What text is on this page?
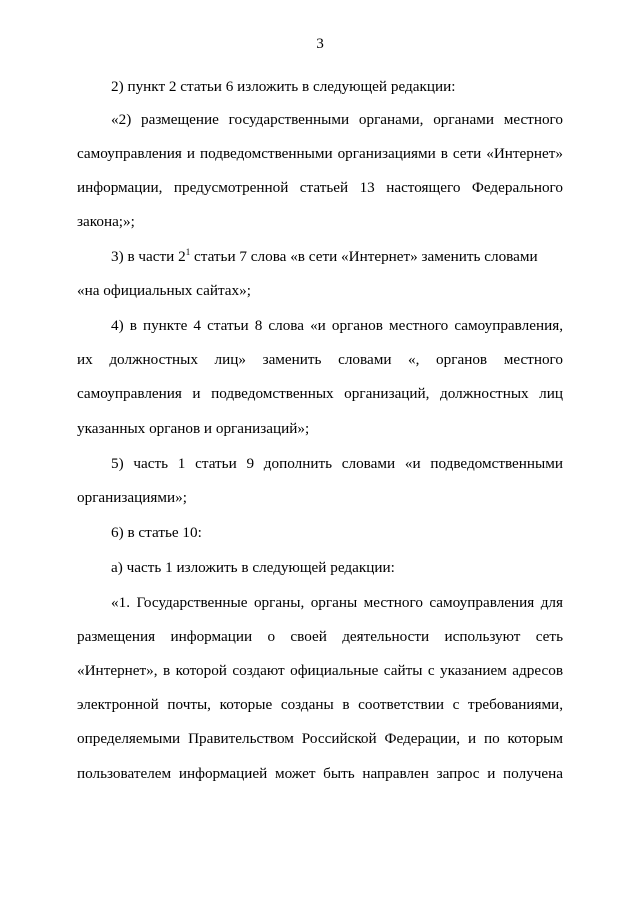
3
2) пункт 2 статьи 6 изложить в следующей редакции:
«2) размещение государственными органами, органами местного
самоуправления и подведомственными организациями в сети «Интернет»
информации, предусмотренной статьей 13 настоящего Федерального
закона;»;
3) в части $2^1$ статьи 7 слова «в сети «Интернет» заменить словами
«на официальных сайтах»;
4) в пункте 4 статьи 8 слова «и органов местного самоуправления,
их должностных лиц» заменить словами «, органов местного
самоуправления и подведомственных организаций, должностных лиц
указанных органов и организаций»;
5) часть 1 статьи 9 дополнить словами «и подведомственными
организациями»;
6) в статье 10:
а) часть 1 изложить в следующей редакции:
«1. Государственные органы, органы местного самоуправления для
размещения информации о своей деятельности используют сеть
«Интернет», в которой создают официальные сайты с указанием адресов
электронной почты, которые созданы в соответствии с требованиями,
определяемыми Правительством Российской Федерации, и по которым
пользователем информацией может быть направлен запрос и получена
